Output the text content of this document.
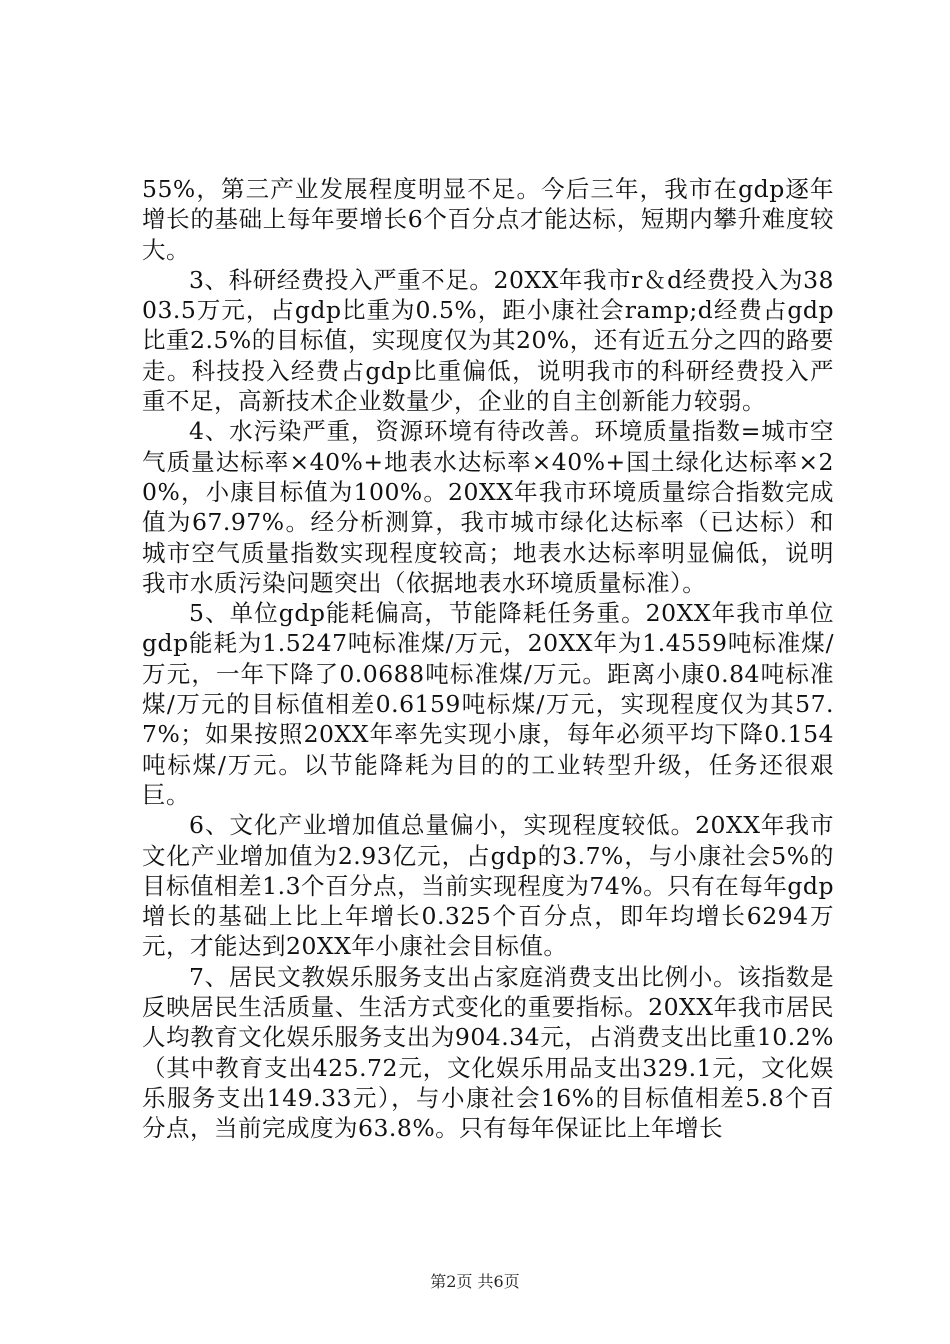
55%，第三产业发展程度明显不足。今后三年，我市在gdp逐年增长的基础上每年要增长6个百分点才能达标，短期内攀升难度较大。

3、科研经费投入严重不足。20XX年我市r＆d经费投入为3803.5万元，占gdp比重为0.5%，距小康社会ramp;d经费占gdp比重2.5%的目标值，实现度仅为其20%，还有近五分之四的路要走。科技投入经费占gdp比重偏低，说明我市的科研经费投入严重不足，高新技术企业数量少，企业的自主创新能力较弱。

4、水污染严重，资源环境有待改善。环境质量指数=城市空气质量达标率×40%+地表水达标率×40%+国土绿化达标率×20%，小康目标值为100%。20XX年我市环境质量综合指数完成值为67.97%。经分析测算，我市城市绿化达标率（已达标）和城市空气质量指数实现程度较高；地表水达标率明显偏低，说明我市水质污染问题突出（依据地表水环境质量标准）。

5、单位gdp能耗偏高，节能降耗任务重。20XX年我市单位gdp能耗为1.5247吨标准煤/万元，20XX年为1.4559吨标准煤/万元，一年下降了0.0688吨标准煤/万元。距离小康0.84吨标准煤/万元的目标值相差0.6159吨标煤/万元，实现程度仅为其57.7%；如果按照20XX年率先实现小康，每年必须平均下降0.154吨标煤/万元。以节能降耗为目的的工业转型升级，任务还很艰巨。

6、文化产业增加值总量偏小，实现程度较低。20XX年我市文化产业增加值为2.93亿元，占gdp的3.7%，与小康社会5%的目标值相差1.3个百分点，当前实现程度为74%。只有在每年gdp增长的基础上比上年增长0.325个百分点，即年均增长6294万元，才能达到20XX年小康社会目标值。

7、居民文教娱乐服务支出占家庭消费支出比例小。该指数是反映居民生活质量、生活方式变化的重要指标。20XX年我市居民人均教育文化娱乐服务支出为904.34元，占消费支出比重10.2%（其中教育支出425.72元，文化娱乐用品支出329.1元，文化娱乐服务支出149.33元），与小康社会16%的目标值相差5.8个百分点，当前完成度为63.8%。只有每年保证比上年增长

第2页 共6页
